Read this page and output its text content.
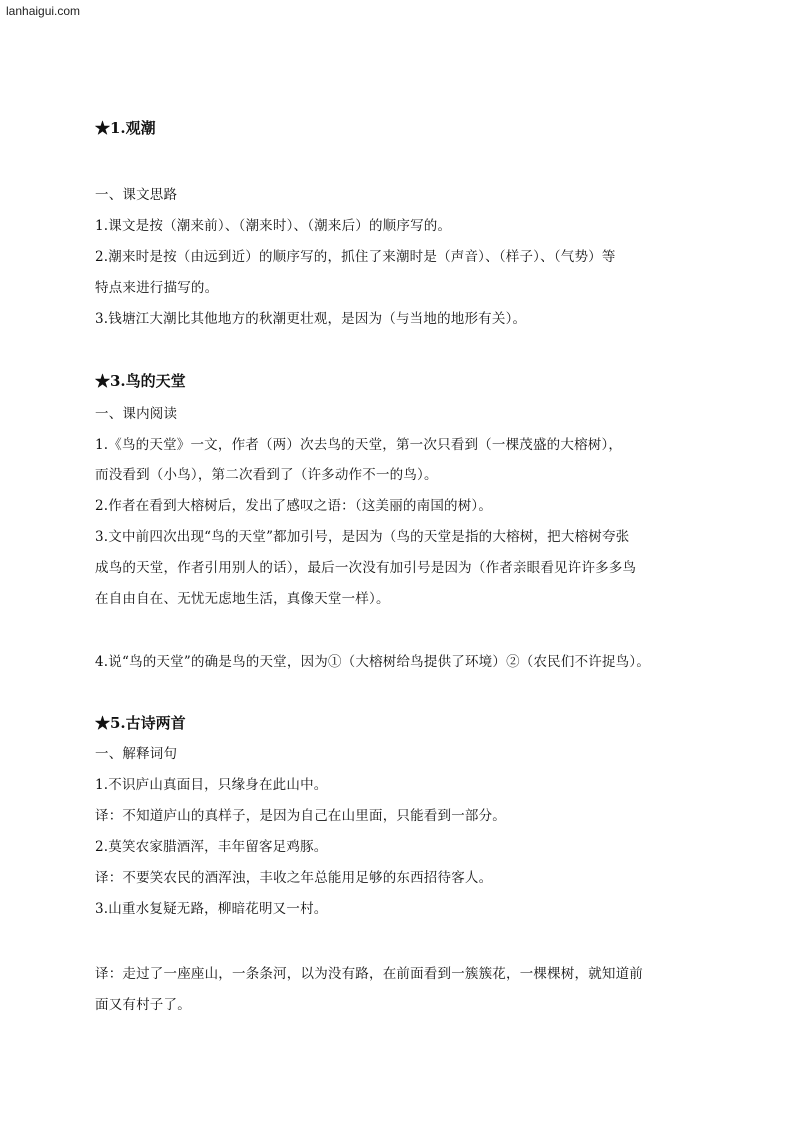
lanhaigui.com
★1.观潮
一、课文思路
1.课文是按（潮来前）、（潮来时）、（潮来后）的顺序写的。
2.潮来时是按（由远到近）的顺序写的，抓住了来潮时是（声音）、（样子）、（气势）等
特点来进行描写的。
3.钱塘江大潮比其他地方的秋潮更壮观，是因为（与当地的地形有关）。
★3.鸟的天堂
一、课内阅读
1.《鸟的天堂》一文，作者（两）次去鸟的天堂，第一次只看到（一棵茂盛的大榕树），
而没看到（小鸟），第二次看到了（许多动作不一的鸟）。
2.作者在看到大榕树后，发出了感叹之语：（这美丽的南国的树）。
3.文中前四次出现“鸟的天堂”都加引号，是因为（鸟的天堂是指的大榕树，把大榕树夸张
成鸟的天堂，作者引用别人的话），最后一次没有加引号是因为（作者亲眼看见许许多多鸟
在自由自在、无忧无虑地生活，真像天堂一样）。
4.说“鸟的天堂”的确是鸟的天堂，因为①（大榕树给鸟提供了环境）②（农民们不许捉鸟）。
★5.古诗两首
一、解释词句
1.不识庐山真面目，只缘身在此山中。
译：不知道庐山的真样子，是因为自己在山里面，只能看到一部分。
2.莫笑农家腊酒浑，丰年留客足鸡豚。
译：不要笑农民的酒浑浊，丰收之年总能用足够的东西招待客人。
3.山重水复疑无路，柳暗花明又一村。
译：走过了一座座山，一条条河，以为没有路，在前面看到一簇簇花，一棵棵树，就知道前
面又有村子了。
